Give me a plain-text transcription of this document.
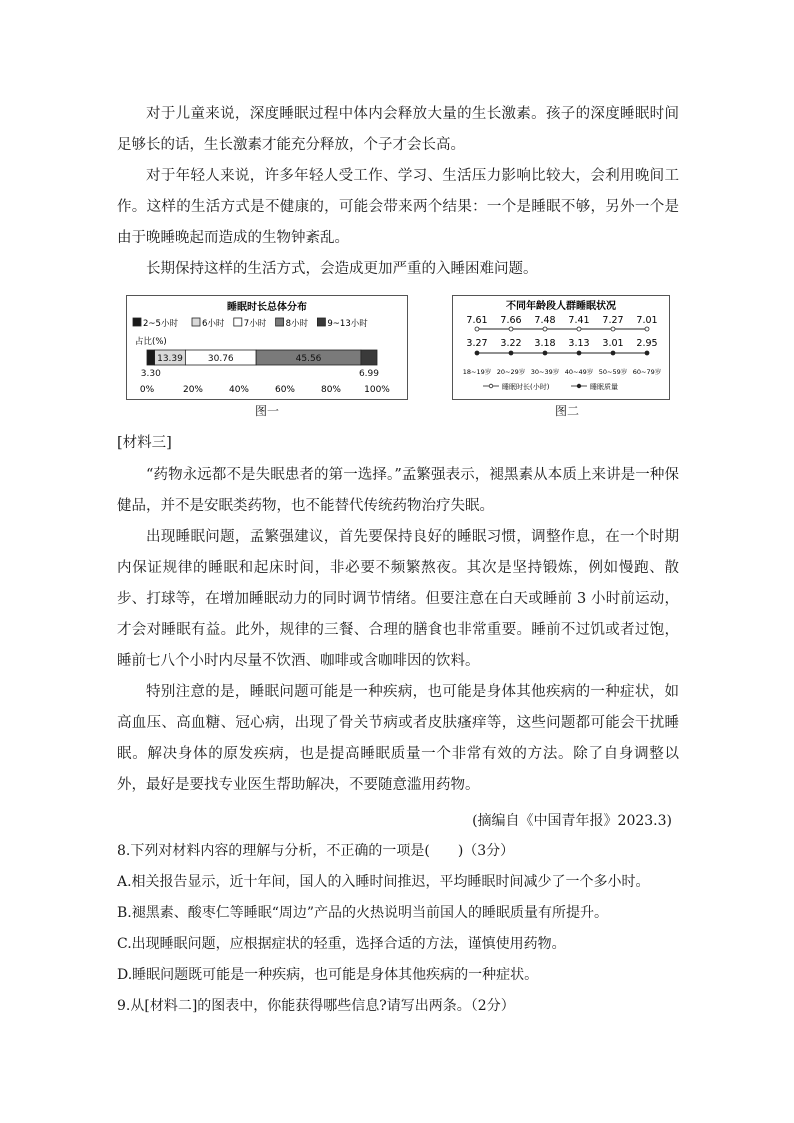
对于儿童来说，深度睡眠过程中体内会释放大量的生长激素。孩子的深度睡眠时间足够长的话，生长激素才能充分释放，个子才会长高。

对于年轻人来说，许多年轻人受工作、学习、生活压力影响比较大，会利用晚间工作。这样的生活方式是不健康的，可能会带来两个结果：一个是睡眠不够，另外一个是由于晚睡晚起而造成的生物钟紊乱。

长期保持这样的生活方式，会造成更加严重的入睡困难问题。

睡眠时长总体分布
2~5小时	6小时 7小时 8小时 9~13小时
占比(%)
3.30
13.39	30.76	45.56
6.99
0%	20%	40%	60%	80%	100%
图一
不同年龄段人群睡眠状况
7.61 7.66 7.48 7.41 7.27 7.01
3.27 3.22 3.18 3.13 3.01 2.95
18~19岁 20~29岁 30~39岁 40~49岁 50~59岁 60~79岁
睡眠时长(小时)	睡眠质量
图二

[材料三]

“药物永远都不是失眠患者的第一选择。”孟繁强表示，褪黑素从本质上来讲是一种保健品，并不是安眠类药物，也不能替代传统药物治疗失眠。

出现睡眠问题，孟繁强建议，首先要保持良好的睡眠习惯，调整作息，在一个时期内保证规律的睡眠和起床时间，非必要不频繁熬夜。其次是坚持锻炼，例如慢跑、散步、打球等，在增加睡眠动力的同时调节情绪。但要注意在白天或睡前 3 小时前运动，才会对睡眠有益。此外，规律的三餐、合理的膳食也非常重要。睡前不过饥或者过饱，睡前七八个小时内尽量不饮酒、咖啡或含咖啡因的饮料。

特别注意的是，睡眠问题可能是一种疾病，也可能是身体其他疾病的一种症状，如高血压、高血糖、冠心病，出现了骨关节病或者皮肤瘙痒等，这些问题都可能会干扰睡眠。解决身体的原发疾病，也是提高睡眠质量一个非常有效的方法。除了自身调整以外，最好是要找专业医生帮助解决，不要随意滥用药物。

(摘编自《中国青年报》2023.3)
8.下列对材料内容的理解与分析，不正确的一项是(　　)（3分）
A.相关报告显示，近十年间，国人的入睡时间推迟，平均睡眠时间减少了一个多小时。
B.褪黑素、酸枣仁等睡眠“周边”产品的火热说明当前国人的睡眠质量有所提升。
C.出现睡眠问题，应根据症状的轻重，选择合适的方法，谨慎使用药物。
D.睡眠问题既可能是一种疾病，也可能是身体其他疾病的一种症状。
9.从[材料二]的图表中，你能获得哪些信息?请写出两条。（2分）
